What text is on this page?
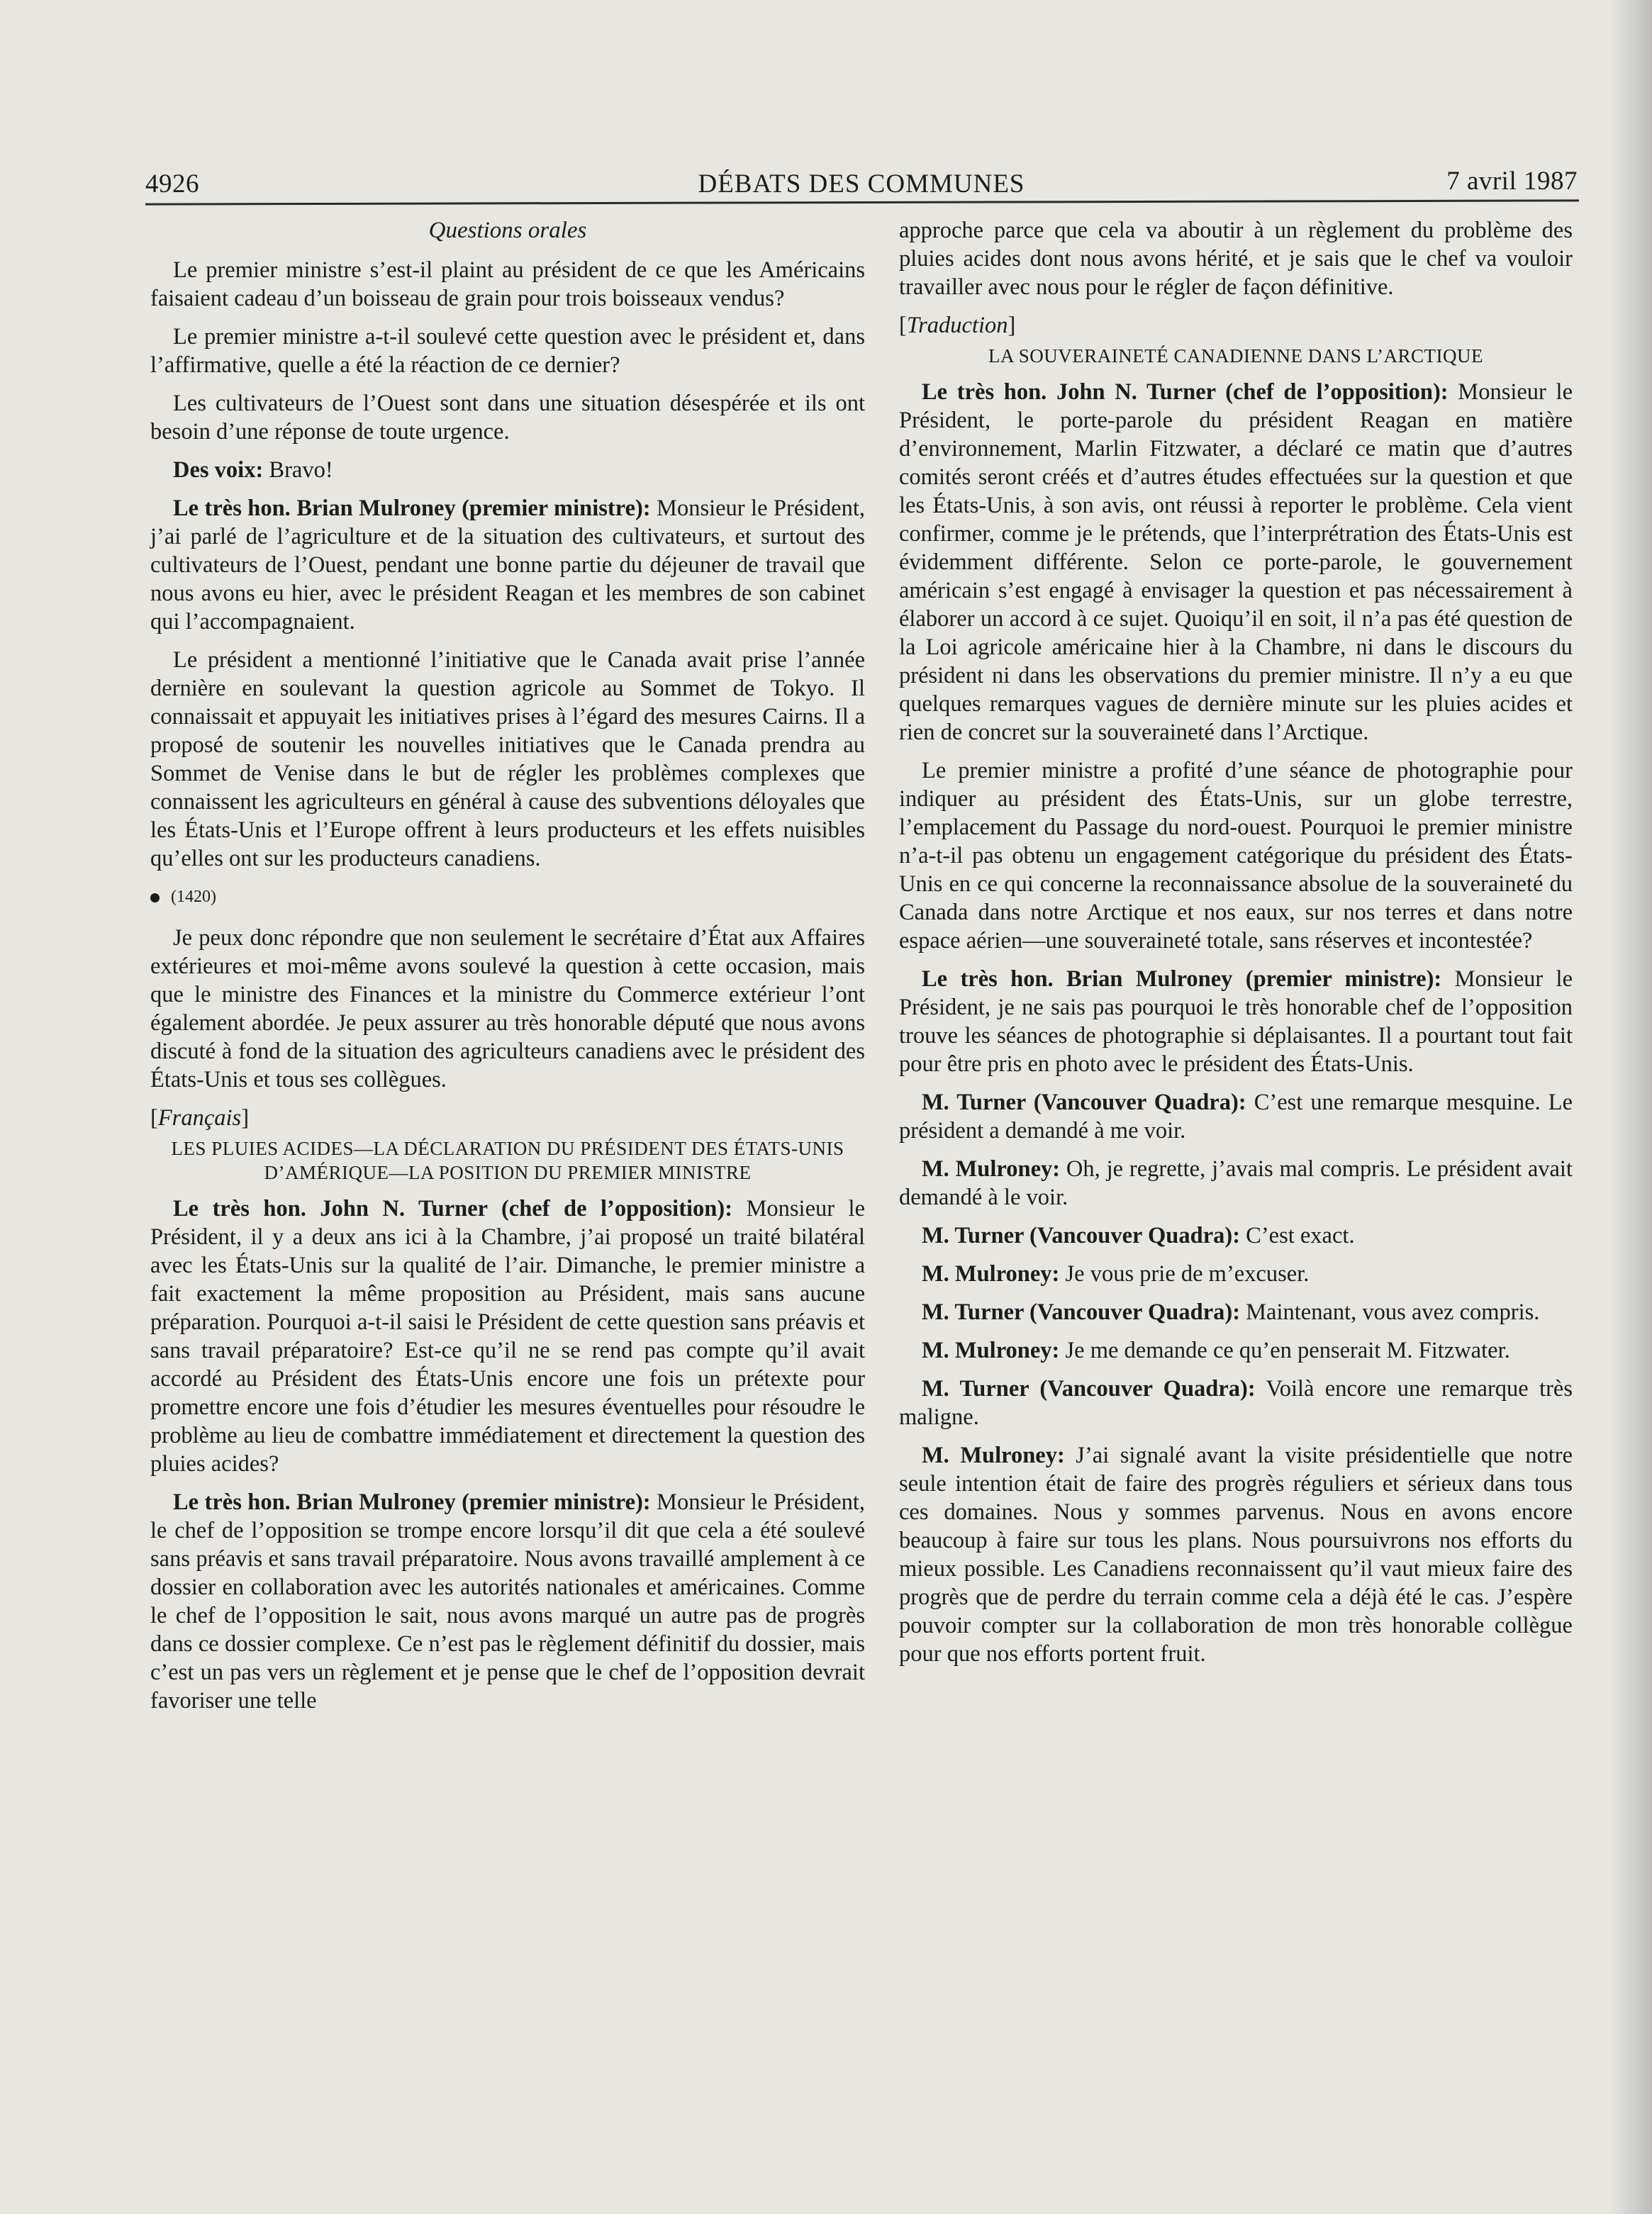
4926	DÉBATS DES COMMUNES	7 avril 1987

Questions orales

Le premier ministre s’est-il plaint au président de ce que les Américains faisaient cadeau d’un boisseau de grain pour trois boisseaux vendus?

Le premier ministre a-t-il soulevé cette question avec le président et, dans l’affirmative, quelle a été la réaction de ce dernier?

Les cultivateurs de l’Ouest sont dans une situation désespérée et ils ont besoin d’une réponse de toute urgence.

Des voix: Bravo!

Le très hon. Brian Mulroney (premier ministre): Monsieur le Président, j’ai parlé de l’agriculture et de la situation des cultivateurs, et surtout des cultivateurs de l’Ouest, pendant une bonne partie du déjeuner de travail que nous avons eu hier, avec le président Reagan et les membres de son cabinet qui l’accompagnaient.

Le président a mentionné l’initiative que le Canada avait prise l’année dernière en soulevant la question agricole au Sommet de Tokyo. Il connaissait et appuyait les initiatives prises à l’égard des mesures Cairns. Il a proposé de soutenir les nouvelles initiatives que le Canada prendra au Sommet de Venise dans le but de régler les problèmes complexes que connaissent les agriculteurs en général à cause des subventions déloyales que les États-Unis et l’Europe offrent à leurs producteurs et les effets nuisibles qu’elles ont sur les producteurs canadiens.

(1420)

Je peux donc répondre que non seulement le secrétaire d’État aux Affaires extérieures et moi-même avons soulevé la question à cette occasion, mais que le ministre des Finances et la ministre du Commerce extérieur l’ont également abordée. Je peux assurer au très honorable député que nous avons discuté à fond de la situation des agriculteurs canadiens avec le président des États-Unis et tous ses collègues.

[Français]

LES PLUIES ACIDES—LA DÉCLARATION DU PRÉSIDENT DES ÉTATS-UNIS D’AMÉRIQUE—LA POSITION DU PREMIER MINISTRE

Le très hon. John N. Turner (chef de l’opposition): Monsieur le Président, il y a deux ans ici à la Chambre, j’ai proposé un traité bilatéral avec les États-Unis sur la qualité de l’air. Dimanche, le premier ministre a fait exactement la même proposition au Président, mais sans aucune préparation. Pourquoi a-t-il saisi le Président de cette question sans préavis et sans travail préparatoire? Est-ce qu’il ne se rend pas compte qu’il avait accordé au Président des États-Unis encore une fois un prétexte pour promettre encore une fois d’étudier les mesures éventuelles pour résoudre le problème au lieu de combattre immédiatement et directement la question des pluies acides?

Le très hon. Brian Mulroney (premier ministre): Monsieur le Président, le chef de l’opposition se trompe encore lorsqu’il dit que cela a été soulevé sans préavis et sans travail préparatoire. Nous avons travaillé amplement à ce dossier en collaboration avec les autorités nationales et américaines. Comme le chef de l’opposition le sait, nous avons marqué un autre pas de progrès dans ce dossier complexe. Ce n’est pas le règlement définitif du dossier, mais c’est un pas vers un règlement et je pense que le chef de l’opposition devrait favoriser une telle

approche parce que cela va aboutir à un règlement du problème des pluies acides dont nous avons hérité, et je sais que le chef va vouloir travailler avec nous pour le régler de façon définitive.

[Traduction]

LA SOUVERAINETÉ CANADIENNE DANS L’ARCTIQUE

Le très hon. John N. Turner (chef de l’opposition): Monsieur le Président, le porte-parole du président Reagan en matière d’environnement, Marlin Fitzwater, a déclaré ce matin que d’autres comités seront créés et d’autres études effectuées sur la question et que les États-Unis, à son avis, ont réussi à reporter le problème. Cela vient confirmer, comme je le prétends, que l’interprétration des États-Unis est évidemment différente. Selon ce porte-parole, le gouvernement américain s’est engagé à envisager la question et pas nécessairement à élaborer un accord à ce sujet. Quoiqu’il en soit, il n’a pas été question de la Loi agricole américaine hier à la Chambre, ni dans le discours du président ni dans les observations du premier ministre. Il n’y a eu que quelques remarques vagues de dernière minute sur les pluies acides et rien de concret sur la souveraineté dans l’Arctique.

Le premier ministre a profité d’une séance de photographie pour indiquer au président des États-Unis, sur un globe terrestre, l’emplacement du Passage du nord-ouest. Pourquoi le premier ministre n’a-t-il pas obtenu un engagement catégorique du président des États-Unis en ce qui concerne la reconnaissance absolue de la souveraineté du Canada dans notre Arctique et nos eaux, sur nos terres et dans notre espace aérien—une souveraineté totale, sans réserves et incontestée?

Le très hon. Brian Mulroney (premier ministre): Monsieur le Président, je ne sais pas pourquoi le très honorable chef de l’opposition trouve les séances de photographie si déplaisantes. Il a pourtant tout fait pour être pris en photo avec le président des États-Unis.

M. Turner (Vancouver Quadra): C’est une remarque mesquine. Le président a demandé à me voir.

M. Mulroney: Oh, je regrette, j’avais mal compris. Le président avait demandé à le voir.

M. Turner (Vancouver Quadra): C’est exact.

M. Mulroney: Je vous prie de m’excuser.

M. Turner (Vancouver Quadra): Maintenant, vous avez compris.

M. Mulroney: Je me demande ce qu’en penserait M. Fitzwater.

M. Turner (Vancouver Quadra): Voilà encore une remarque très maligne.

M. Mulroney: J’ai signalé avant la visite présidentielle que notre seule intention était de faire des progrès réguliers et sérieux dans tous ces domaines. Nous y sommes parvenus. Nous en avons encore beaucoup à faire sur tous les plans. Nous poursuivrons nos efforts du mieux possible. Les Canadiens reconnaissent qu’il vaut mieux faire des progrès que de perdre du terrain comme cela a déjà été le cas. J’espère pouvoir compter sur la collaboration de mon très honorable collègue pour que nos efforts portent fruit.
